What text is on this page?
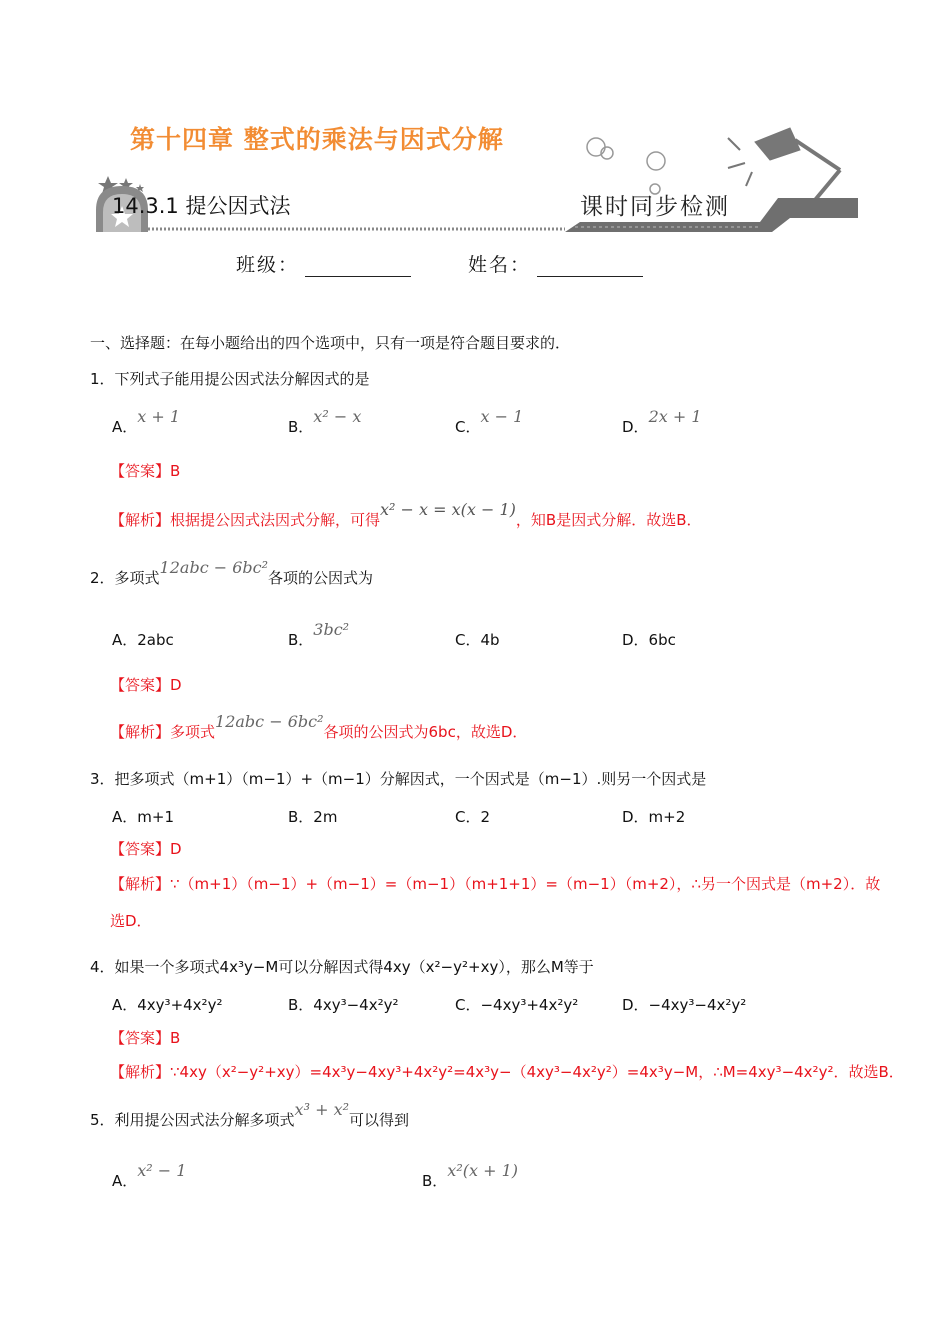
第十四章 整式的乘法与因式分解
14.3.1 提公因式法	课时同步检测
班级：	姓名：
一、选择题：在每小题给出的四个选项中，只有一项是符合题目要求的．
1．下列式子能用提公因式法分解因式的是
A．x + 1
B．x² − x
C．x − 1
D．2x + 1
【答案】B
【解析】根据提公因式法因式分解，可得x² − x = x(x − 1)，知B是因式分解．故选B．
2．多项式12abc − 6bc²各项的公因式为
A．2abc	B．3bc²
C．4b	D．6bc
【答案】D
【解析】多项式12abc − 6bc²各项的公因式为6bc，故选D．
3．把多项式（m+1）（m−1）+（m−1）分解因式，一个因式是（m−1）.则另一个因式是
A．m+1	B．2m	C．2	D．m+2
【答案】D
【解析】∵（m+1）（m−1）+（m−1）=（m−1）（m+1+1）=（m−1）（m+2），∴另一个因式是（m+2）．故
选D．
4．如果一个多项式4x³y−M可以分解因式得4xy（x²−y²+xy），那么M等于
A．4xy³+4x²y²	B．4xy³−4x²y²	C．−4xy³+4x²y²	D．−4xy³−4x²y²
【答案】B
【解析】∵4xy（x²−y²+xy）=4x³y−4xy³+4x²y²=4x³y−（4xy³−4x²y²）=4x³y−M，∴M=4xy³−4x²y²．故选B．
5．利用提公因式法分解多项式x³ + x²可以得到
A．x² − 1
B．x²(x + 1)
